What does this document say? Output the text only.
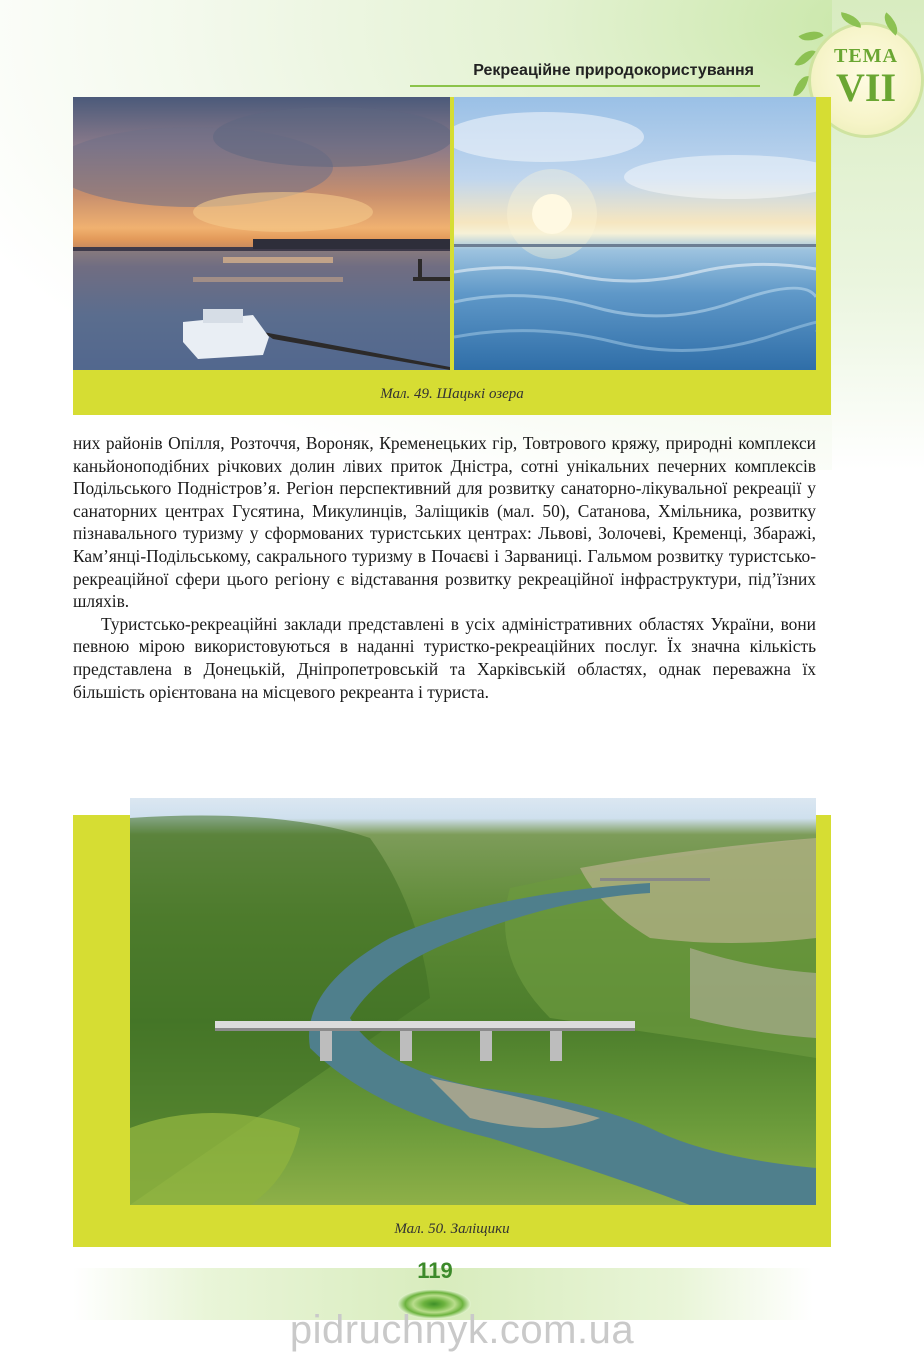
Рекреаційне природокористування
ТЕМА
VII
Мал. 49. Шацькі озера

них районів Опілля, Розточчя, Вороняк, Кременецьких гір, Товтрового кряжу, природні комплекси каньйоноподібних річкових долин лівих приток Дністра, сотні унікальних печерних комплексів Подільського Подністров’я. Регіон перспективний для розвитку санаторно-лікувальної рекреації у санаторних центрах Гусятина, Микулинців, Заліщиків (мал. 50), Сатанова, Хмільника, розвитку пізнавального туризму у сформованих туристських центрах: Львові, Золочеві, Кременці, Збаражі, Кам’янці-Подільському, сакрального туризму в Почаєві і Зарваниці. Гальмом розвитку туристсько-рекреаційної сфери цього регіону є відставання розвитку рекреаційної інфраструктури, під’їзних шляхів.

Туристсько-рекреаційні заклади представлені в усіх адміністративних областях України, вони певною мірою використовуються в наданні туристко-рекреаційних послуг. Їх значна кількість представлена в Донецькій, Дніпропетровській та Харківській областях, однак переважна їх більшість орієнтована на місцевого рекреанта і туриста.

Мал. 50. Заліщики
119
pidruchnyk.com.ua
